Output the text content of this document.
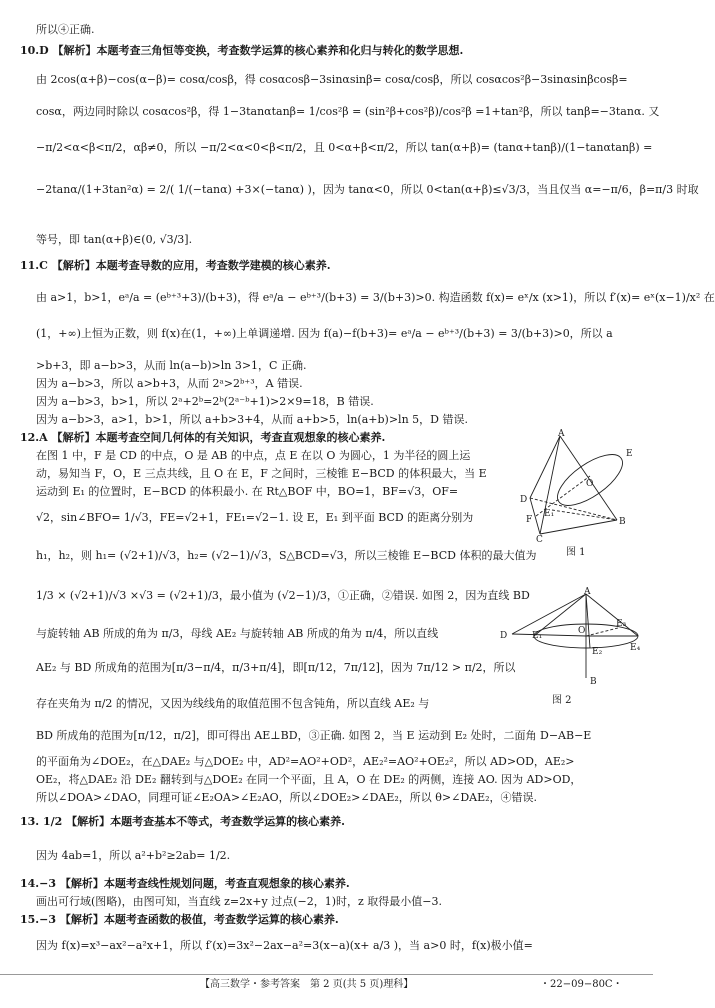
所以④正确.
10.D 【解析】本题考查三角恒等变换，考查数学运算的核心素养和化归与转化的数学思想.
由 2cos(α+β)−cos(α−β)= cosα/cosβ，得 cosαcosβ−3sinαsinβ= cosα/cosβ，所以 cosαcos²β−3sinαsinβcosβ=
cosα，两边同时除以 cosαcos²β，得 1−3tanαtanβ= 1/cos²β = (sin²β+cos²β)/cos²β =1+tan²β，所以 tanβ=−3tanα. 又
−π/2<α<β<π/2，αβ≠0，所以 −π/2<α<0<β<π/2，且 0<α+β<π/2，所以 tan(α+β)= (tanα+tanβ)/(1−tanαtanβ) =
−2tanα/(1+3tan²α) = 2/( 1/(−tanα) +3×(−tanα) )，因为 tanα<0，所以 0<tan(α+β)≤√3/3，当且仅当 α=−π/6，β=π/3 时取
等号，即 tan(α+β)∈(0, √3/3].
11.C 【解析】本题考查导数的应用，考查数学建模的核心素养.
由 a>1，b>1，eᵃ/a = (eᵇ⁺³+3)/(b+3)，得 eᵃ/a − eᵇ⁺³/(b+3) = 3/(b+3)>0. 构造函数 f(x)= eˣ/x (x>1)，所以 f′(x)= eˣ(x−1)/x² 在
(1，+∞)上恒为正数，则 f(x)在(1，+∞)上单调递增. 因为 f(a)−f(b+3)= eᵃ/a − eᵇ⁺³/(b+3) = 3/(b+3)>0，所以 a
>b+3，即 a−b>3，从而 ln(a−b)>ln 3>1，C 正确.
因为 a−b>3，所以 a>b+3，从而 2ᵃ>2ᵇ⁺³，A 错误.
因为 a−b>3，b>1，所以 2ᵃ+2ᵇ=2ᵇ(2ᵃ⁻ᵇ+1)>2×9=18，B 错误.
因为 a−b>3，a>1，b>1，所以 a+b>3+4，从而 a+b>5，ln(a+b)>ln 5，D 错误.
12.A 【解析】本题考查空间几何体的有关知识，考查直观想象的核心素养.
在图 1 中，F 是 CD 的中点，O 是 AB 的中点，点 E 在以 O 为圆心，1 为半径的圆上运
动，易知当 F，O，E 三点共线，且 O 在 E，F 之间时，三棱锥 E−BCD 的体积最大，当 E
运动到 E₁ 的位置时，E−BCD 的体积最小. 在 Rt△BOF 中，BO=1，BF=√3，OF=
√2，sin∠BFO= 1/√3，FE=√2+1，FE₁=√2−1. 设 E，E₁ 到平面 BCD 的距离分别为
h₁，h₂，则 h₁= (√2+1)/√3，h₂= (√2−1)/√3，S△BCD=√3，所以三棱锥 E−BCD 体积的最大值为
1/3 × (√2+1)/√3 ×√3 = (√2+1)/3，最小值为 (√2−1)/3，①正确，②错误. 如图 2，因为直线 BD
与旋转轴 AB 所成的角为 π/3，母线 AE₂ 与旋转轴 AB 所成的角为 π/4，所以直线
AE₂ 与 BD 所成角的范围为[π/3−π/4，π/3+π/4]，即[π/12，7π/12]，因为 7π/12 > π/2，所以
存在夹角为 π/2 的情况，又因为线线角的取值范围不包含钝角，所以直线 AE₂ 与
BD 所成角的范围为[π/12，π/2]，即可得出 AE⊥BD，③正确. 如图 2，当 E 运动到 E₂ 处时，二面角 D−AB−E
的平面角为∠DOE₂，在△DAE₂ 与△DOE₂ 中，AD²=AO²+OD²，AE₂²=AO²+OE₂²，所以 AD>OD，AE₂>
OE₂，将△DAE₂ 沿 DE₂ 翻转到与△DOE₂ 在同一个平面，且 A，O 在 DE₂ 的两侧，连接 AO. 因为 AD>OD，
所以∠DOA>∠DAO，同理可证∠E₂OA>∠E₂AO，所以∠DOE₂>∠DAE₂，所以 θ>∠DAE₂，④错误.
13. 1/2 【解析】本题考查基本不等式，考查数学运算的核心素养.
因为 4ab=1，所以 a²+b²≥2ab= 1/2.
14.−3 【解析】本题考查线性规划问题，考查直观想象的核心素养.
画出可行域(图略)，由图可知，当直线 z=2x+y 过点(−2，1)时，z 取得最小值−3.
15.−3 【解析】本题考查函数的极值，考查数学运算的核心素养.
因为 f(x)=x³−ax²−a²x+1，所以 f′(x)=3x²−2ax−a²=3(x−a)(x+ a/3 )，当 a>0 时，f(x)极小值=
A
O
E
D
F
E₁
B
C
图 1
A
D	E₁	O
E₃
E₂	E₄
B
图 2
【高三数学・参考答案　第 2 页(共 5 页)理科】	・22−09−80C・
